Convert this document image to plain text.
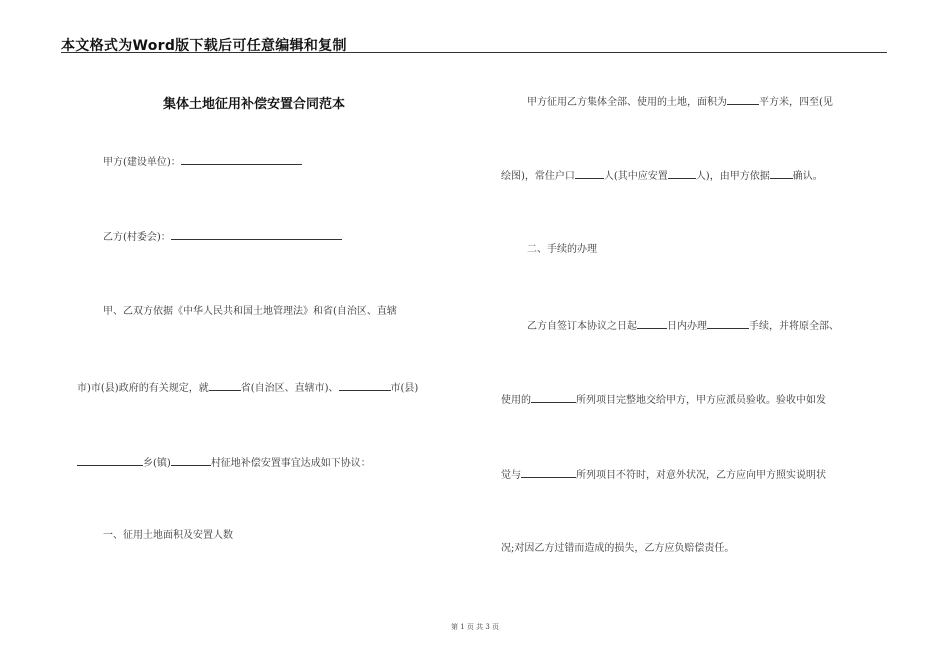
本文格式为Word版下载后可任意编辑和复制
集体土地征用补偿安置合同范本
甲方(建设单位)：
乙方(村委会)：
甲、乙双方依据《中华人民共和国土地管理法》和省(自治区、直辖
市)市(县)政府的有关规定，就	省(自治区、直辖市)、	市(县)
乡(镇)	村征地补偿安置事宜达成如下协议：
一、征用土地面积及安置人数
甲方征用乙方集体全部、使用的土地，面积为	平方米，四至(见
绘图)，常住户口	人(其中应安置	人)，由甲方依据 确认。
二、手续的办理
乙方自签订本协议之日起	日内办理	手续，并将原全部、
使用的	所列项目完整地交给甲方，甲方应派员验收。验收中如发
觉与	所列项目不符时，对意外状况，乙方应向甲方照实说明状
况;对因乙方过错而造成的损失，乙方应负赔偿责任。
第 1 页 共 3 页
